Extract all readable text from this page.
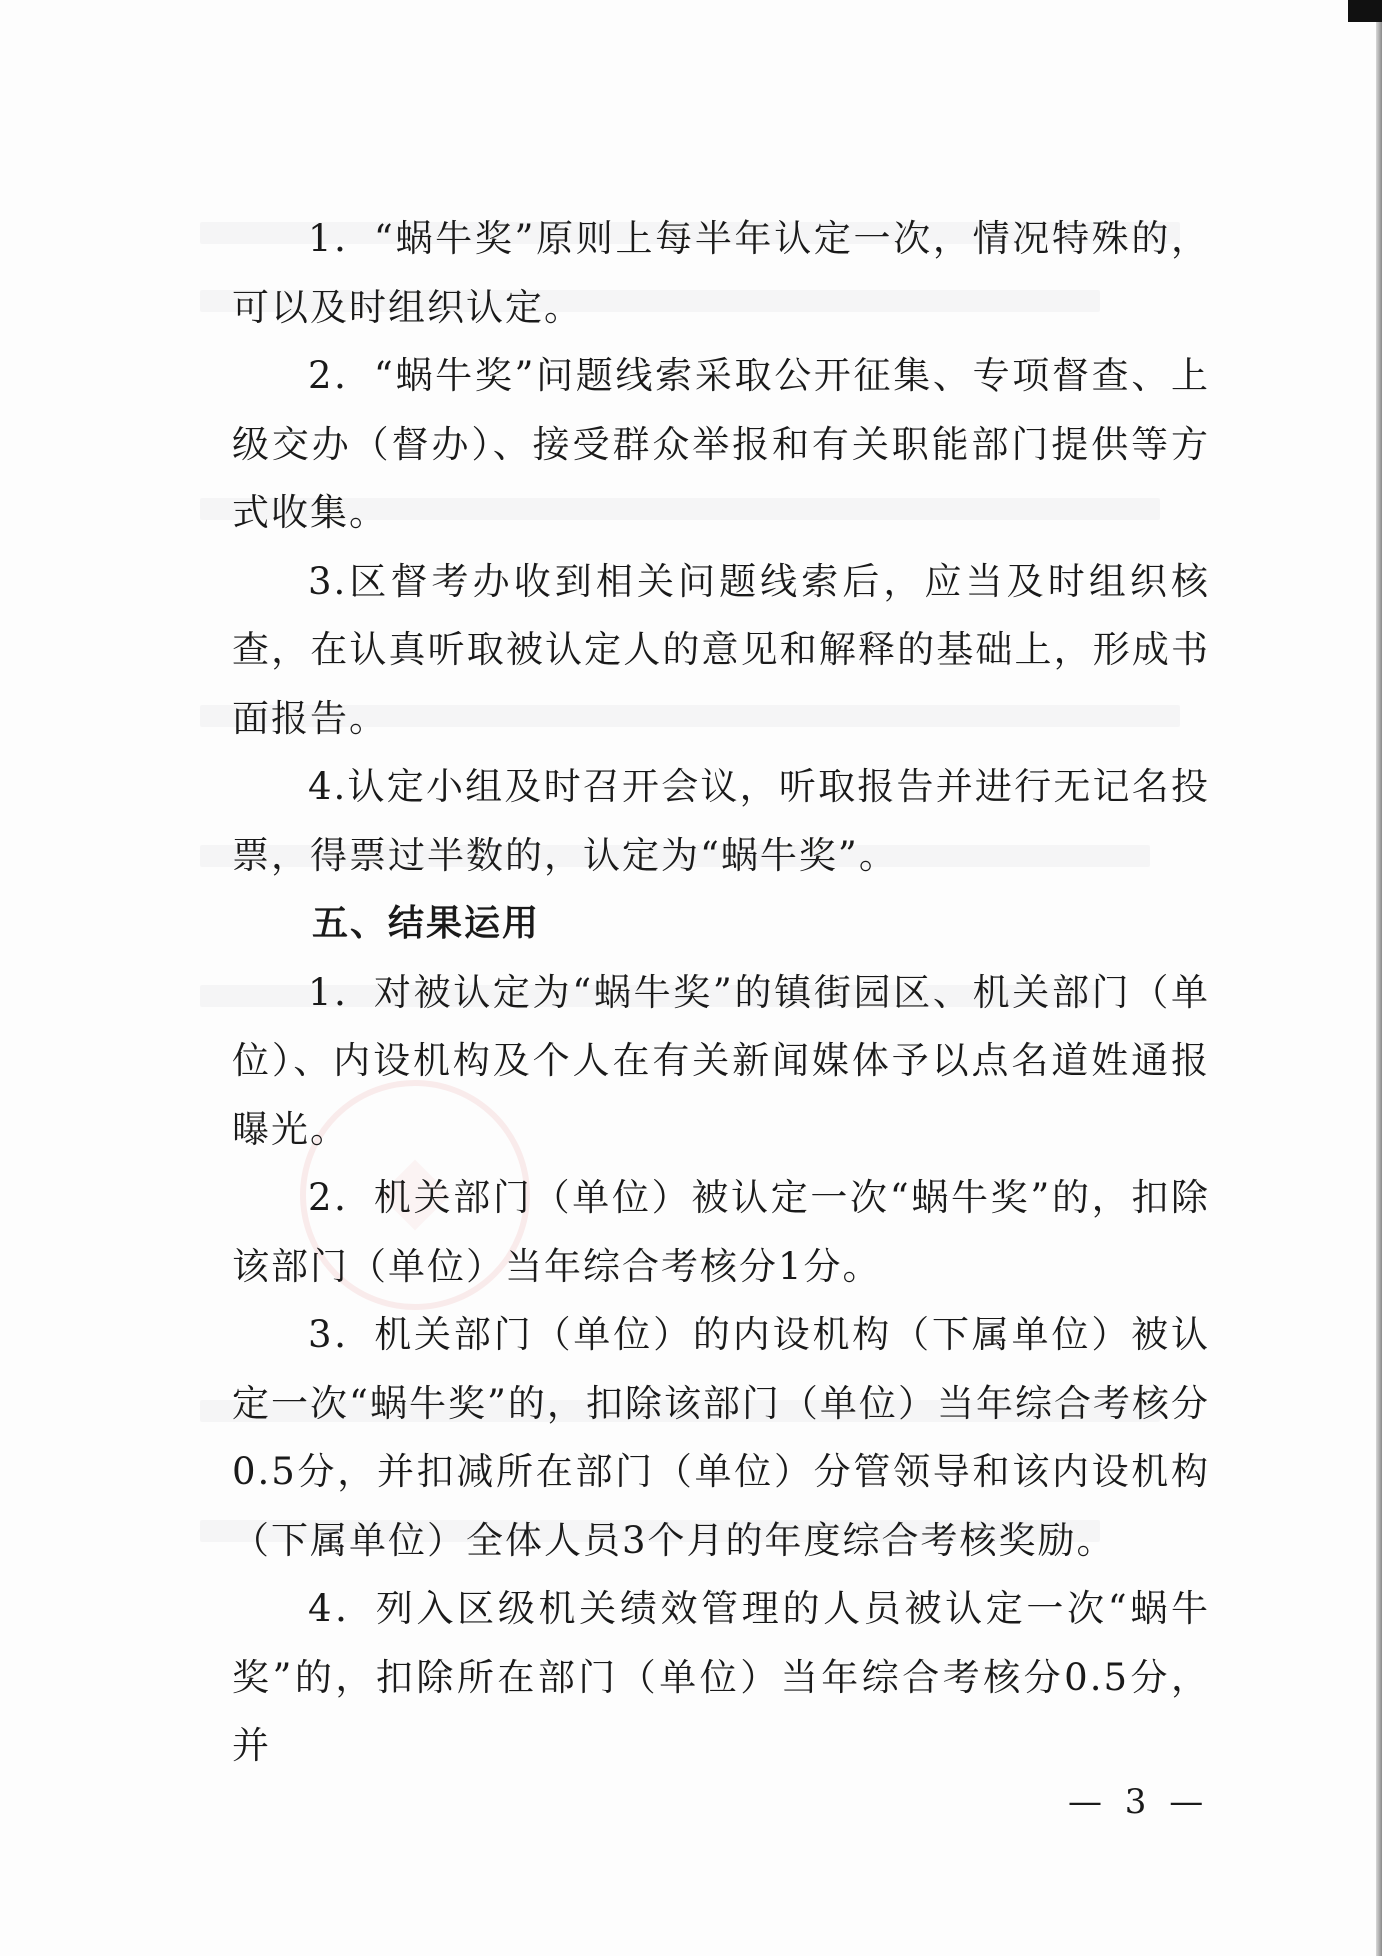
1．“蜗牛奖”原则上每半年认定一次，情况特殊的，可以及时组织认定。

2．“蜗牛奖”问题线索采取公开征集、专项督查、上级交办（督办）、接受群众举报和有关职能部门提供等方式收集。

3.区督考办收到相关问题线索后，应当及时组织核查，在认真听取被认定人的意见和解释的基础上，形成书面报告。

4.认定小组及时召开会议，听取报告并进行无记名投票，得票过半数的，认定为“蜗牛奖”。

五、结果运用

1．对被认定为“蜗牛奖”的镇街园区、机关部门（单位）、内设机构及个人在有关新闻媒体予以点名道姓通报曝光。

2．机关部门（单位）被认定一次“蜗牛奖”的，扣除该部门（单位）当年综合考核分1分。

3．机关部门（单位）的内设机构（下属单位）被认定一次“蜗牛奖”的，扣除该部门（单位）当年综合考核分0.5分，并扣减所在部门（单位）分管领导和该内设机构（下属单位）全体人员3个月的年度综合考核奖励。

4．列入区级机关绩效管理的人员被认定一次“蜗牛奖”的，扣除所在部门（单位）当年综合考核分0.5分，并

— 3 —
